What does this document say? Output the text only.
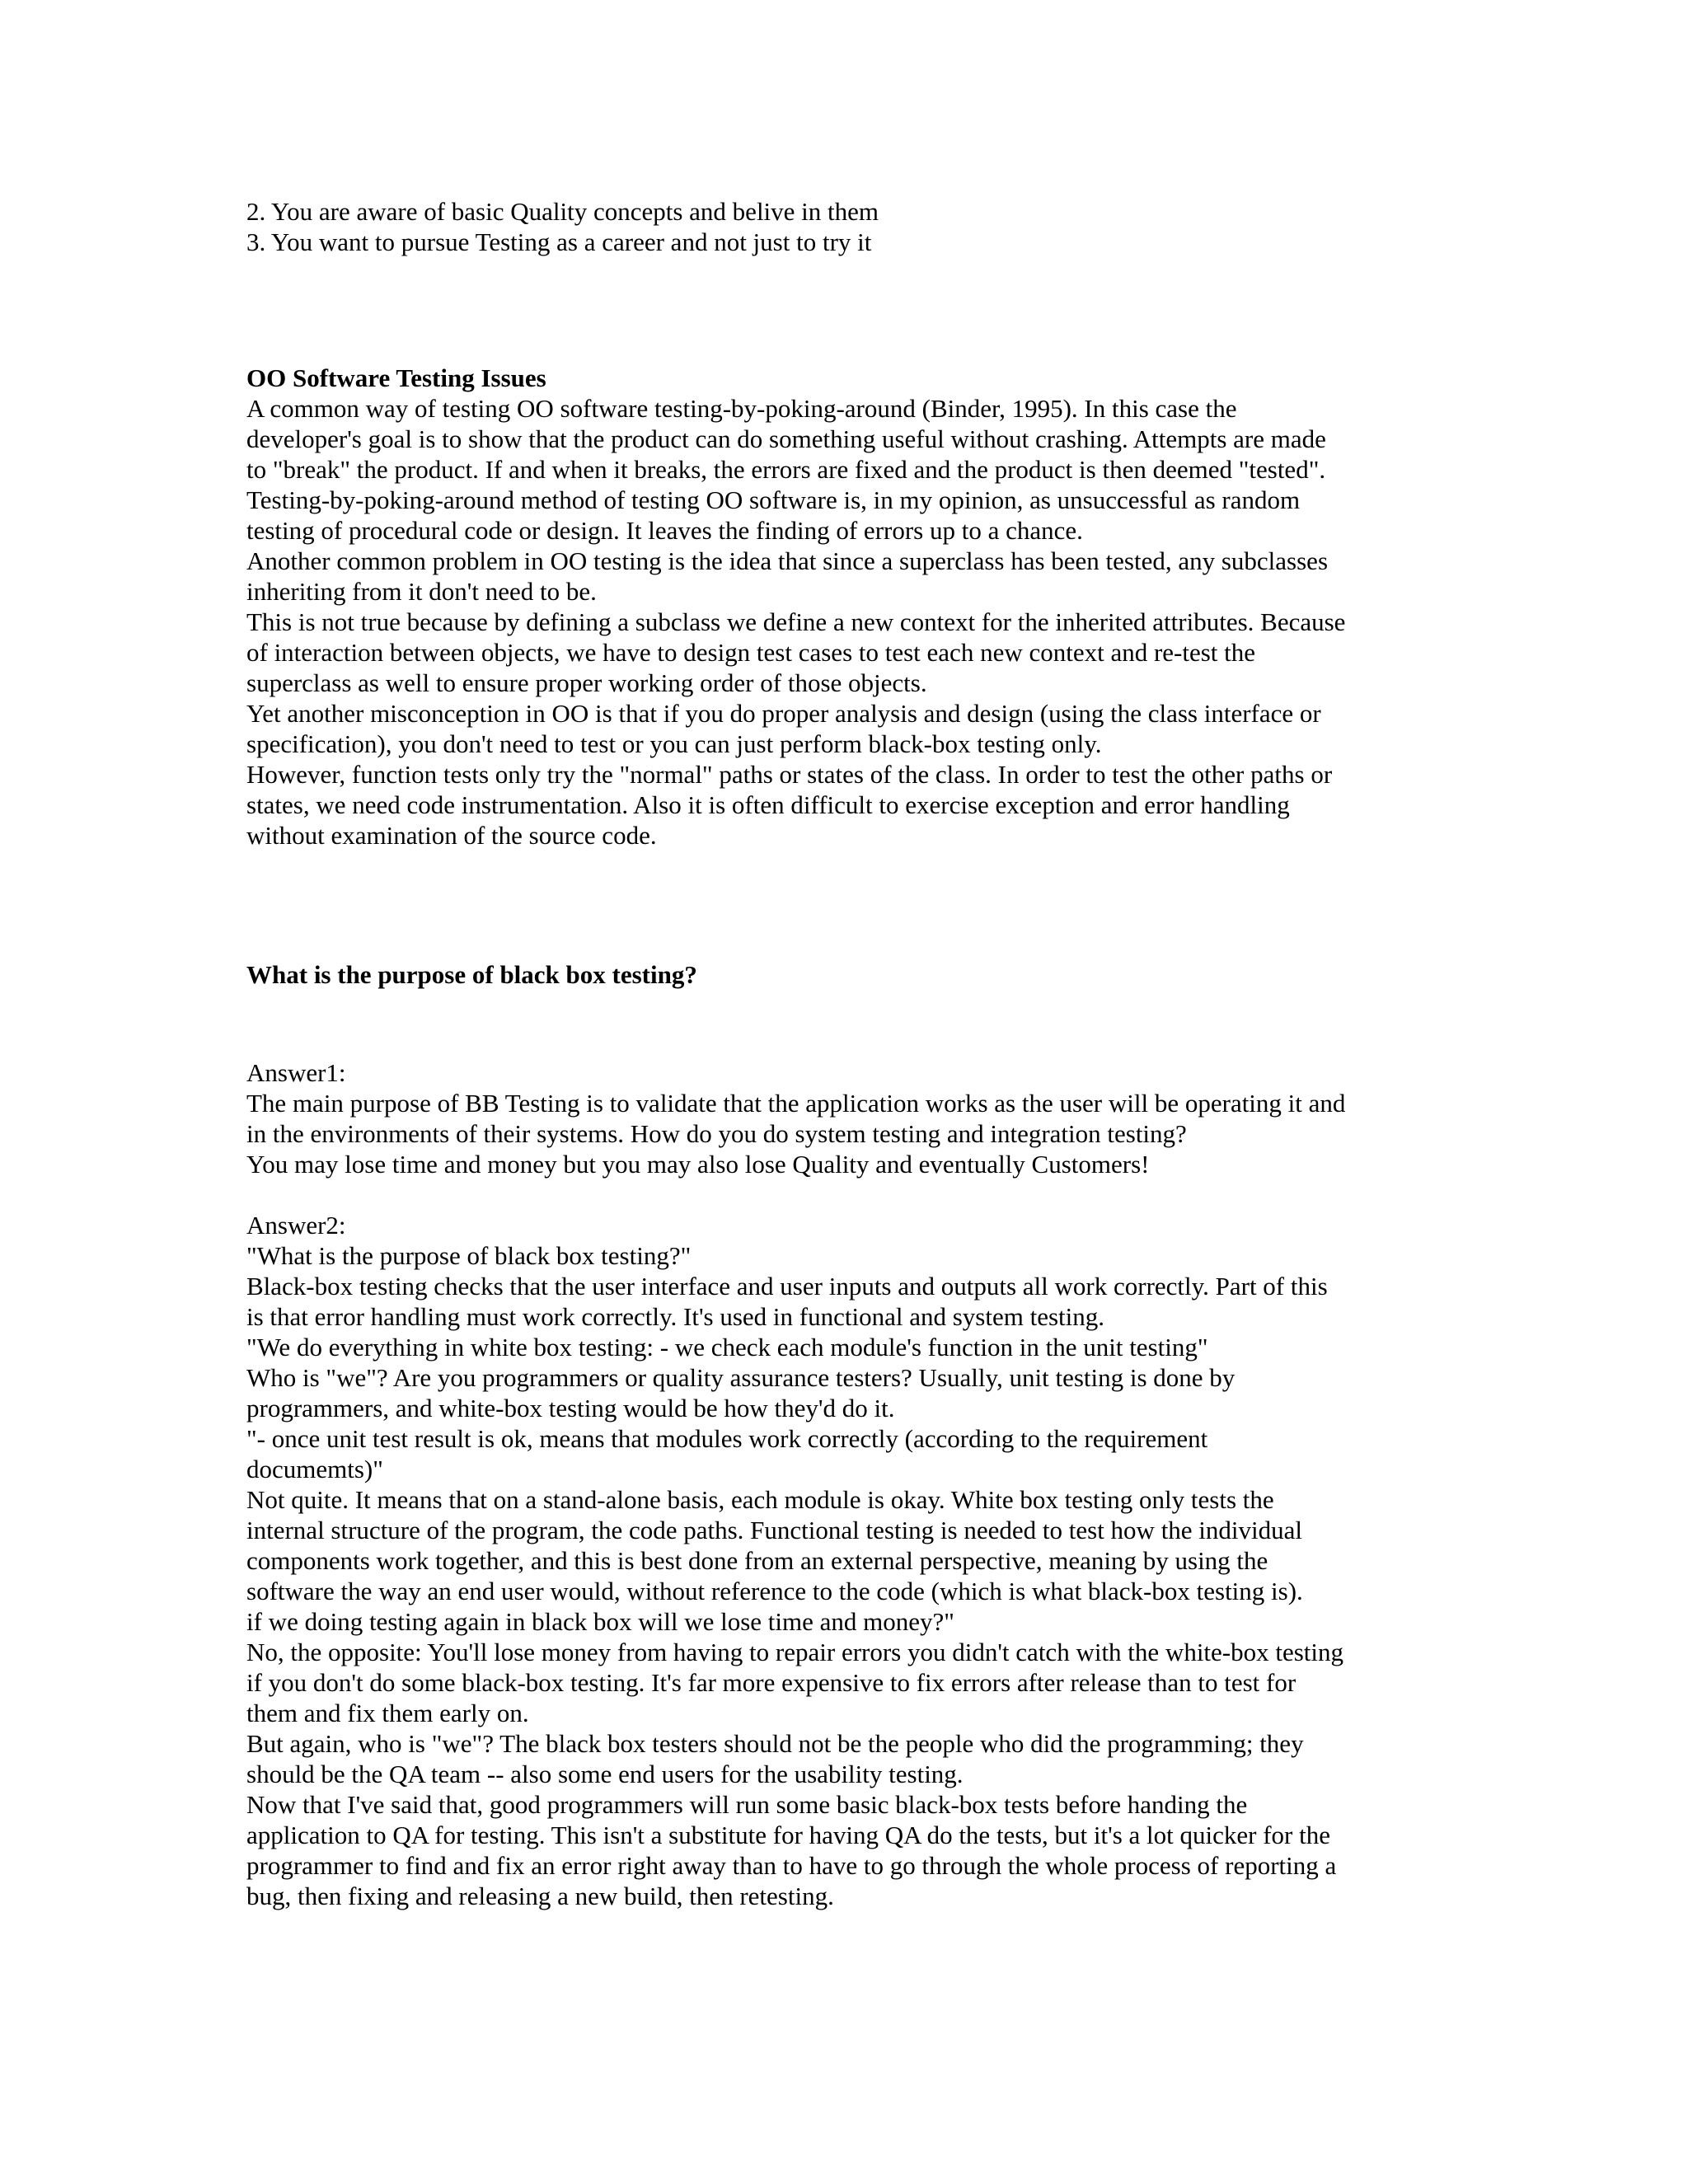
2. You are aware of basic Quality concepts and belive in them
3. You want to pursue Testing as a career and not just to try it
OO Software Testing Issues
A common way of testing OO software testing-by-poking-around (Binder, 1995). In this case the
developer's goal is to show that the product can do something useful without crashing. Attempts are made
to "break" the product. If and when it breaks, the errors are fixed and the product is then deemed "tested".
Testing-by-poking-around method of testing OO software is, in my opinion, as unsuccessful as random
testing of procedural code or design. It leaves the finding of errors up to a chance.
Another common problem in OO testing is the idea that since a superclass has been tested, any subclasses
inheriting from it don't need to be.
This is not true because by defining a subclass we define a new context for the inherited attributes. Because
of interaction between objects, we have to design test cases to test each new context and re-test the
superclass as well to ensure proper working order of those objects.
Yet another misconception in OO is that if you do proper analysis and design (using the class interface or
specification), you don't need to test or you can just perform black-box testing only.
However, function tests only try the "normal" paths or states of the class. In order to test the other paths or
states, we need code instrumentation. Also it is often difficult to exercise exception and error handling
without examination of the source code.
What is the purpose of black box testing?
Answer1:
The main purpose of BB Testing is to validate that the application works as the user will be operating it and
in the environments of their systems. How do you do system testing and integration testing?
You may lose time and money but you may also lose Quality and eventually Customers!
Answer2:
"What is the purpose of black box testing?"
Black-box testing checks that the user interface and user inputs and outputs all work correctly. Part of this
is that error handling must work correctly. It's used in functional and system testing.
"We do everything in white box testing: - we check each module's function in the unit testing"
Who is "we"? Are you programmers or quality assurance testers? Usually, unit testing is done by
programmers, and white-box testing would be how they'd do it.
"- once unit test result is ok, means that modules work correctly (according to the requirement
documemts)"
Not quite. It means that on a stand-alone basis, each module is okay. White box testing only tests the
internal structure of the program, the code paths. Functional testing is needed to test how the individual
components work together, and this is best done from an external perspective, meaning by using the
software the way an end user would, without reference to the code (which is what black-box testing is).
if we doing testing again in black box will we lose time and money?"
No, the opposite: You'll lose money from having to repair errors you didn't catch with the white-box testing
if you don't do some black-box testing. It's far more expensive to fix errors after release than to test for
them and fix them early on.
But again, who is "we"? The black box testers should not be the people who did the programming; they
should be the QA team -- also some end users for the usability testing.
Now that I've said that, good programmers will run some basic black-box tests before handing the
application to QA for testing. This isn't a substitute for having QA do the tests, but it's a lot quicker for the
programmer to find and fix an error right away than to have to go through the whole process of reporting a
bug, then fixing and releasing a new build, then retesting.
